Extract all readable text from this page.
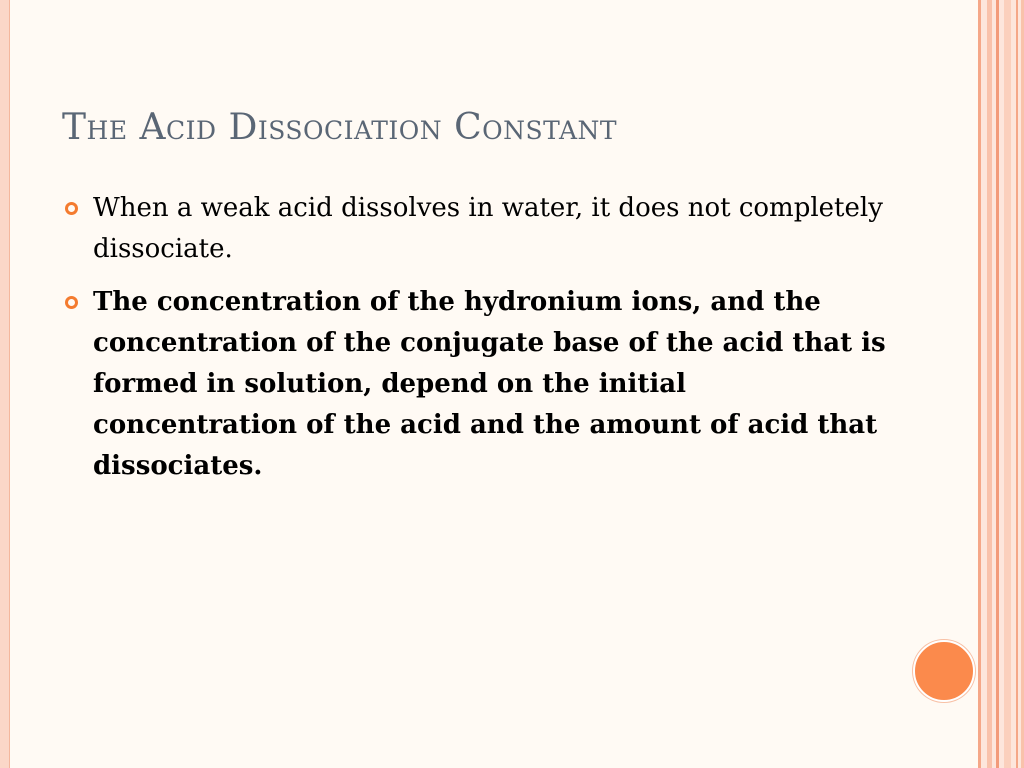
The Acid Dissociation Constant
When a weak acid dissolves in water, it does not completely dissociate.
The concentration of the hydronium ions, and the concentration of the conjugate base of the acid that is formed in solution, depend on the initial concentration of the acid and the amount of acid that dissociates.
